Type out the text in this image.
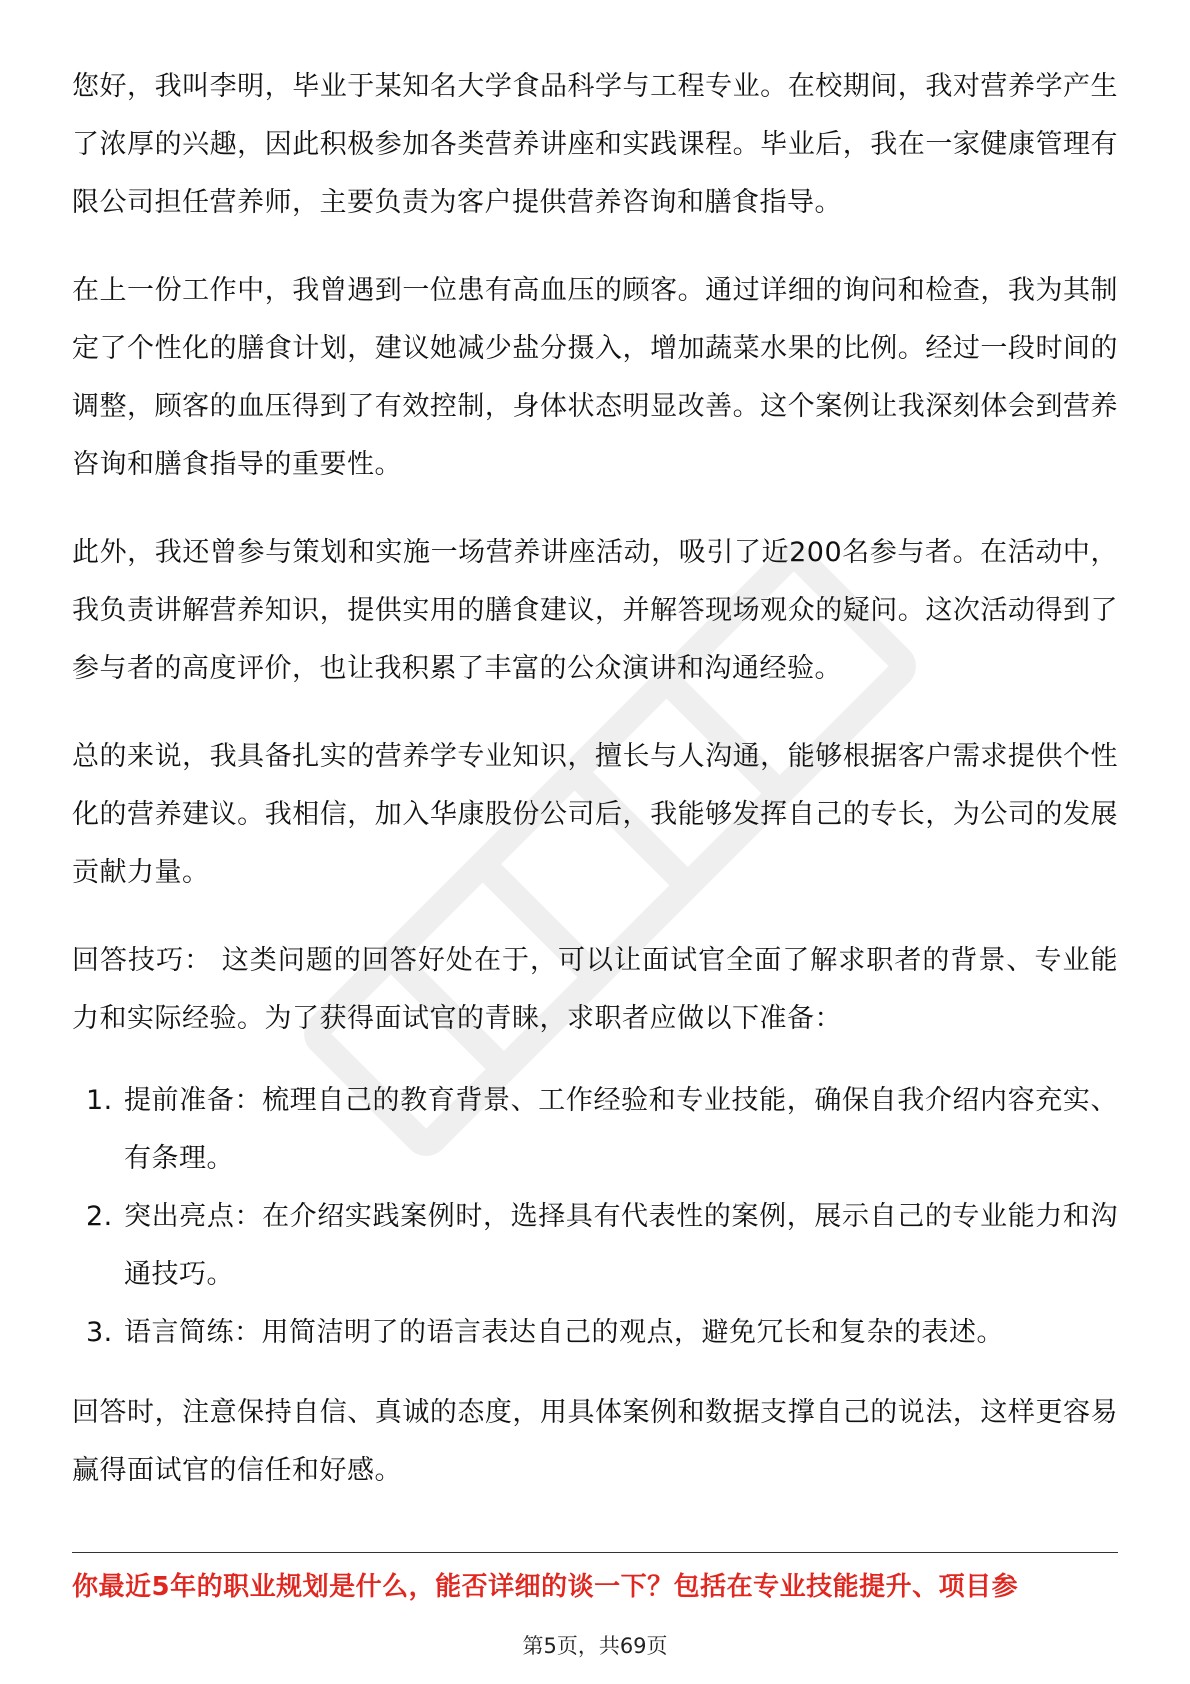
您好，我叫李明，毕业于某知名大学食品科学与工程专业。在校期间，我对营养学产生了浓厚的兴趣，因此积极参加各类营养讲座和实践课程。毕业后，我在一家健康管理有限公司担任营养师，主要负责为客户提供营养咨询和膳食指导。

在上一份工作中，我曾遇到一位患有高血压的顾客。通过详细的询问和检查，我为其制定了个性化的膳食计划，建议她减少盐分摄入，增加蔬菜水果的比例。经过一段时间的调整，顾客的血压得到了有效控制，身体状态明显改善。这个案例让我深刻体会到营养咨询和膳食指导的重要性。

此外，我还曾参与策划和实施一场营养讲座活动，吸引了近200名参与者。在活动中，我负责讲解营养知识，提供实用的膳食建议，并解答现场观众的疑问。这次活动得到了参与者的高度评价，也让我积累了丰富的公众演讲和沟通经验。

总的来说，我具备扎实的营养学专业知识，擅长与人沟通，能够根据客户需求提供个性化的营养建议。我相信，加入华康股份公司后，我能够发挥自己的专长，为公司的发展贡献力量。

回答技巧： 这类问题的回答好处在于，可以让面试官全面了解求职者的背景、专业能力和实际经验。为了获得面试官的青睐，求职者应做以下准备：

1. 提前准备：梳理自己的教育背景、工作经验和专业技能，确保自我介绍内容充实、有条理。
2. 突出亮点：在介绍实践案例时，选择具有代表性的案例，展示自己的专业能力和沟通技巧。
3. 语言简练：用简洁明了的语言表达自己的观点，避免冗长和复杂的表述。

回答时，注意保持自信、真诚的态度，用具体案例和数据支撑自己的说法，这样更容易赢得面试官的信任和好感。

你最近5年的职业规划是什么，能否详细的谈一下？包括在专业技能提升、项目参
第5页，共69页
